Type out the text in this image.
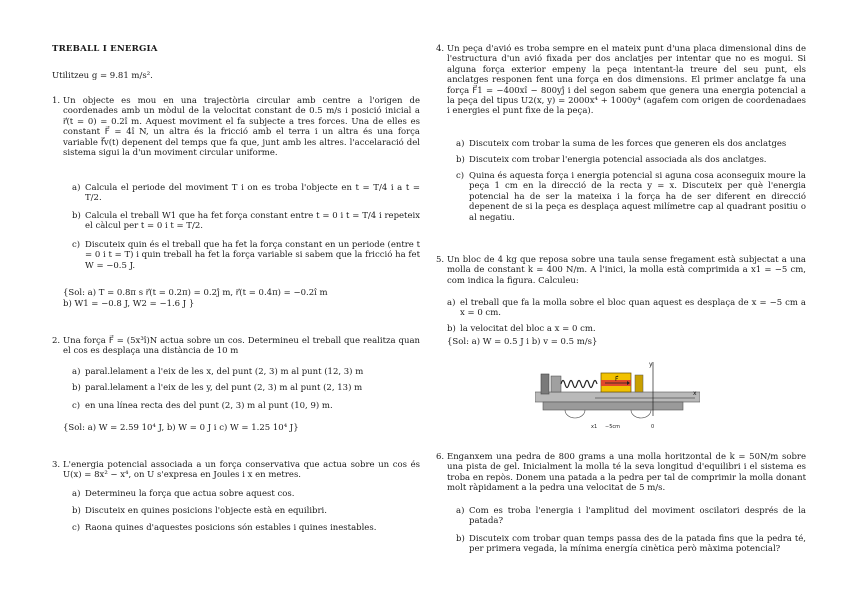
TREBALL I ENERGIA
Utilitzeu g = 9.81 m/s².
1. Un objecte es mou en una trajectòria circular amb centre a l'origen de coordenades amb un mòdul de la velocitat constant de 0.5 m/s i posició inicial a r⃗(t = 0) = 0.2î m. Aquest moviment el fa subjecte a tres forces. Una de elles es constant F⃗ = 4î N, un altra és la fricció amb el terra i un altra és una força variable f⃗v(t) depenent del temps que fa que, junt amb les altres. l'accelaració del sistema sigui la d'un moviment circular uniforme.
a) Calcula el periode del moviment T i on es troba l'objecte en t = T/4 i a t = T/2.
b) Calcula el treball W1 que ha fet força constant entre t = 0 i t = T/4 i repeteix el càlcul per t = 0 i t = T/2.
c) Discuteix quin és el treball que ha fet la força constant en un periode (entre t = 0 i t = T) i quin treball ha fet la força variable si sabem que la fricció ha fet W = −0.5 J.
{Sol: a) T = 0.8π s r⃗(t = 0.2π) = 0.2ĵ m, r⃗(t = 0.4π) = −0.2î m
b) W1 = −0.8 J, W2 = −1.6 J }
2. Una força F⃗ = (5x³î)N actua sobre un cos. Determineu el treball que realitza quan el cos es desplaça una distància de 10 m
a) paral.lelament a l'eix de les x, del punt (2, 3) m al punt (12, 3) m
b) paral.lelament a l'eix de les y, del punt (2, 3) m al punt (2, 13) m
c) en una línea recta des del punt (2, 3) m al punt (10, 9) m.
{Sol: a) W = 2.59 10⁴ J, b) W = 0 J i c) W = 1.25 10⁴ J}
3. L'energia potencial associada a un força conservativa que actua sobre un cos és U(x) = 8x² − x⁴, on U s'expresa en Joules i x en metres.
a) Determineu la força que actua sobre aquest cos.
b) Discuteix en quines posicions l'objecte està en equilibri.
c) Raona quines d'aquestes posicions són estables i quines inestables.
4. Un peça d'avió es troba sempre en el mateix punt d'una placa dimensional dins de l'estructura d'un avió fixada per dos anclatjes per intentar que no es mogui. Si alguna força exterior empeny la peça intentant-la treure del seu punt, els anclatges responen fent una força en dos dimensions. El primer anclatge fa una força F⃗1 = −400xî − 800yĵ i del segon sabem que genera una energia potencial a la peça del tipus U2(x, y) = 2000x⁴ + 1000y⁴ (agafem com origen de coordenadaes i energies el punt fixe de la peça).
a) Discuteix com trobar la suma de les forces que generen els dos anclatges
b) Discuteix com trobar l'energia potencial associada als dos anclatges.
c) Quina és aquesta força i energia potencial si aguna cosa aconseguix moure la peça 1 cm en la direcció de la recta y = x. Discuteix per què l'energia potencial ha de ser la mateixa i la força ha de ser diferent en direcció depenent de si la peça es desplaça aquest milímetre cap al quadrant positiu o al negatiu.
5. Un bloc de 4 kg que reposa sobre una taula sense fregament està subjectat a una molla de constant k = 400 N/m. A l'inici, la molla està comprimida a x1 = −5 cm, com indica la figura. Calculeu:
a) el treball que fa la molla sobre el bloc quan aquest es desplaça de x = −5 cm a x = 0 cm.
b) la velocitat del bloc a x = 0 cm.
{Sol: a) W = 0.5 J i b) v = 0.5 m/s}
6. Enganxem una pedra de 800 grams a una molla horitzontal de k = 50N/m sobre una pista de gel. Inicialment la molla té la seva longitud d'equilibri i el sistema es troba en repòs. Donem una patada a la pedra per tal de comprimir la molla donant molt ràpidament a la pedra una velocitat de 5 m/s.
a) Com es troba l'energia i l'amplitud del moviment oscilatori després de la patada?
b) Discuteix com trobar quan temps passa des de la patada fins que la pedra té, per primera vegada, la mínima energía cinètica però màxima potencial?
F⃗
y
x
x1 −5cm	0
